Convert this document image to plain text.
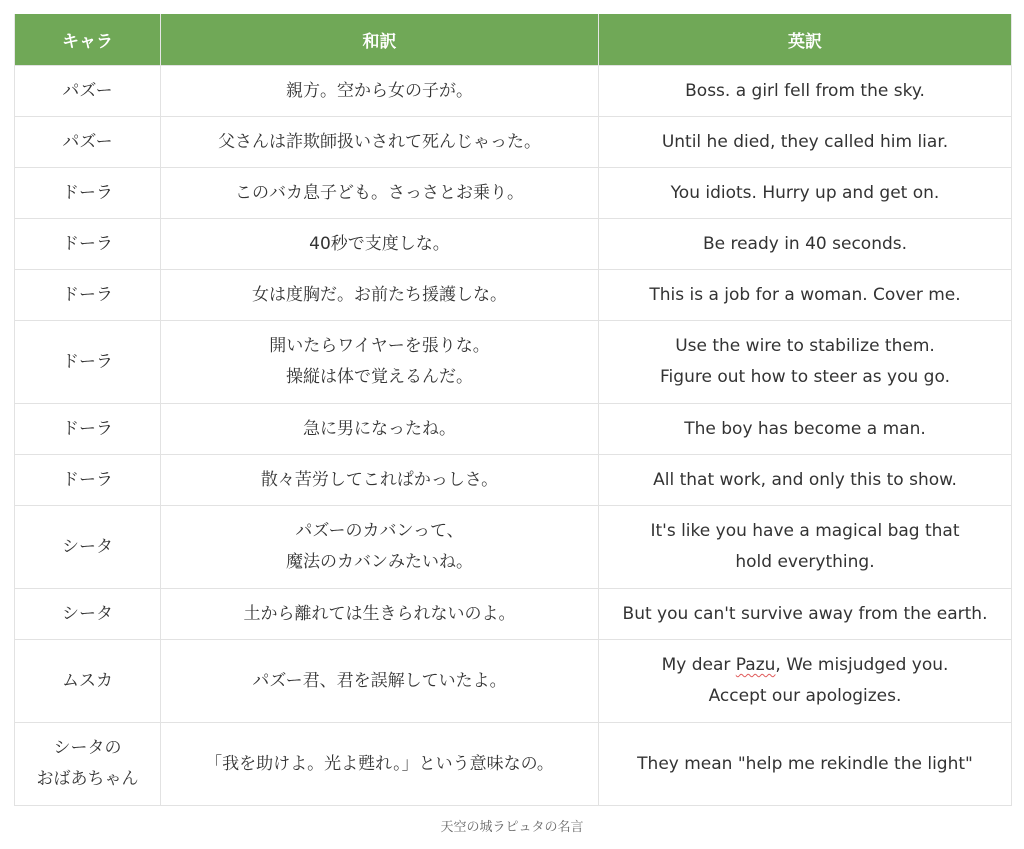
キャラ	和訳	英訳

パズー	親方。空から女の子が。	Boss. a girl fell from the sky.

パズー	父さんは詐欺師扱いされて死んじゃった。	Until he died, they called him liar.

ドーラ	このバカ息子ども。さっさとお乗り。	You idiots. Hurry up and get on.

ドーラ	40秒で支度しな。	Be ready in 40 seconds.

ドーラ	女は度胸だ。お前たち援護しな。	This is a job for a woman. Cover me.

ドーラ	開いたらワイヤーを張りな。
操縦は体で覚えるんだ。	Use the wire to stabilize them.
Figure out how to steer as you go.

ドーラ	急に男になったね。	The boy has become a man.

ドーラ	散々苦労してこれぱかっしさ。	All that work, and only this to show.

シータ	パズーのカバンって、
魔法のカバンみたいね。	It's like you have a magical bag that
hold everything.

シータ	土から離れては生きられないのよ。	But you can't survive away from the earth.

ムスカ	パズー君、君を誤解していたよ。	My dear Pazu, We misjudged you.
Accept our apologizes.

シータの
おばあちゃん	「我を助けよ。光よ甦れ。」という意味なの。	They mean "help me rekindle the light"
天空の城ラピュタの名言
